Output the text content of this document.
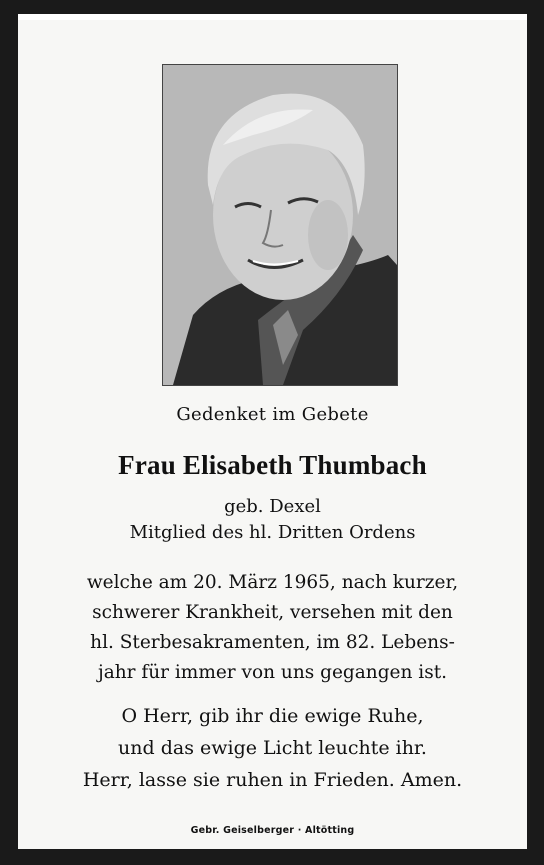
Gedenket im Gebete
Frau Elisabeth Thumbach
geb. Dexel
Mitglied des hl. Dritten Ordens
welche am 20. März 1965, nach kurzer,
schwerer Krankheit, versehen mit den
hl. Sterbesakramenten, im 82. Lebens-
jahr für immer von uns gegangen ist.
O Herr, gib ihr die ewige Ruhe,
und das ewige Licht leuchte ihr.
Herr, lasse sie ruhen in Frieden. Amen.
Gebr. Geiselberger · Altötting
